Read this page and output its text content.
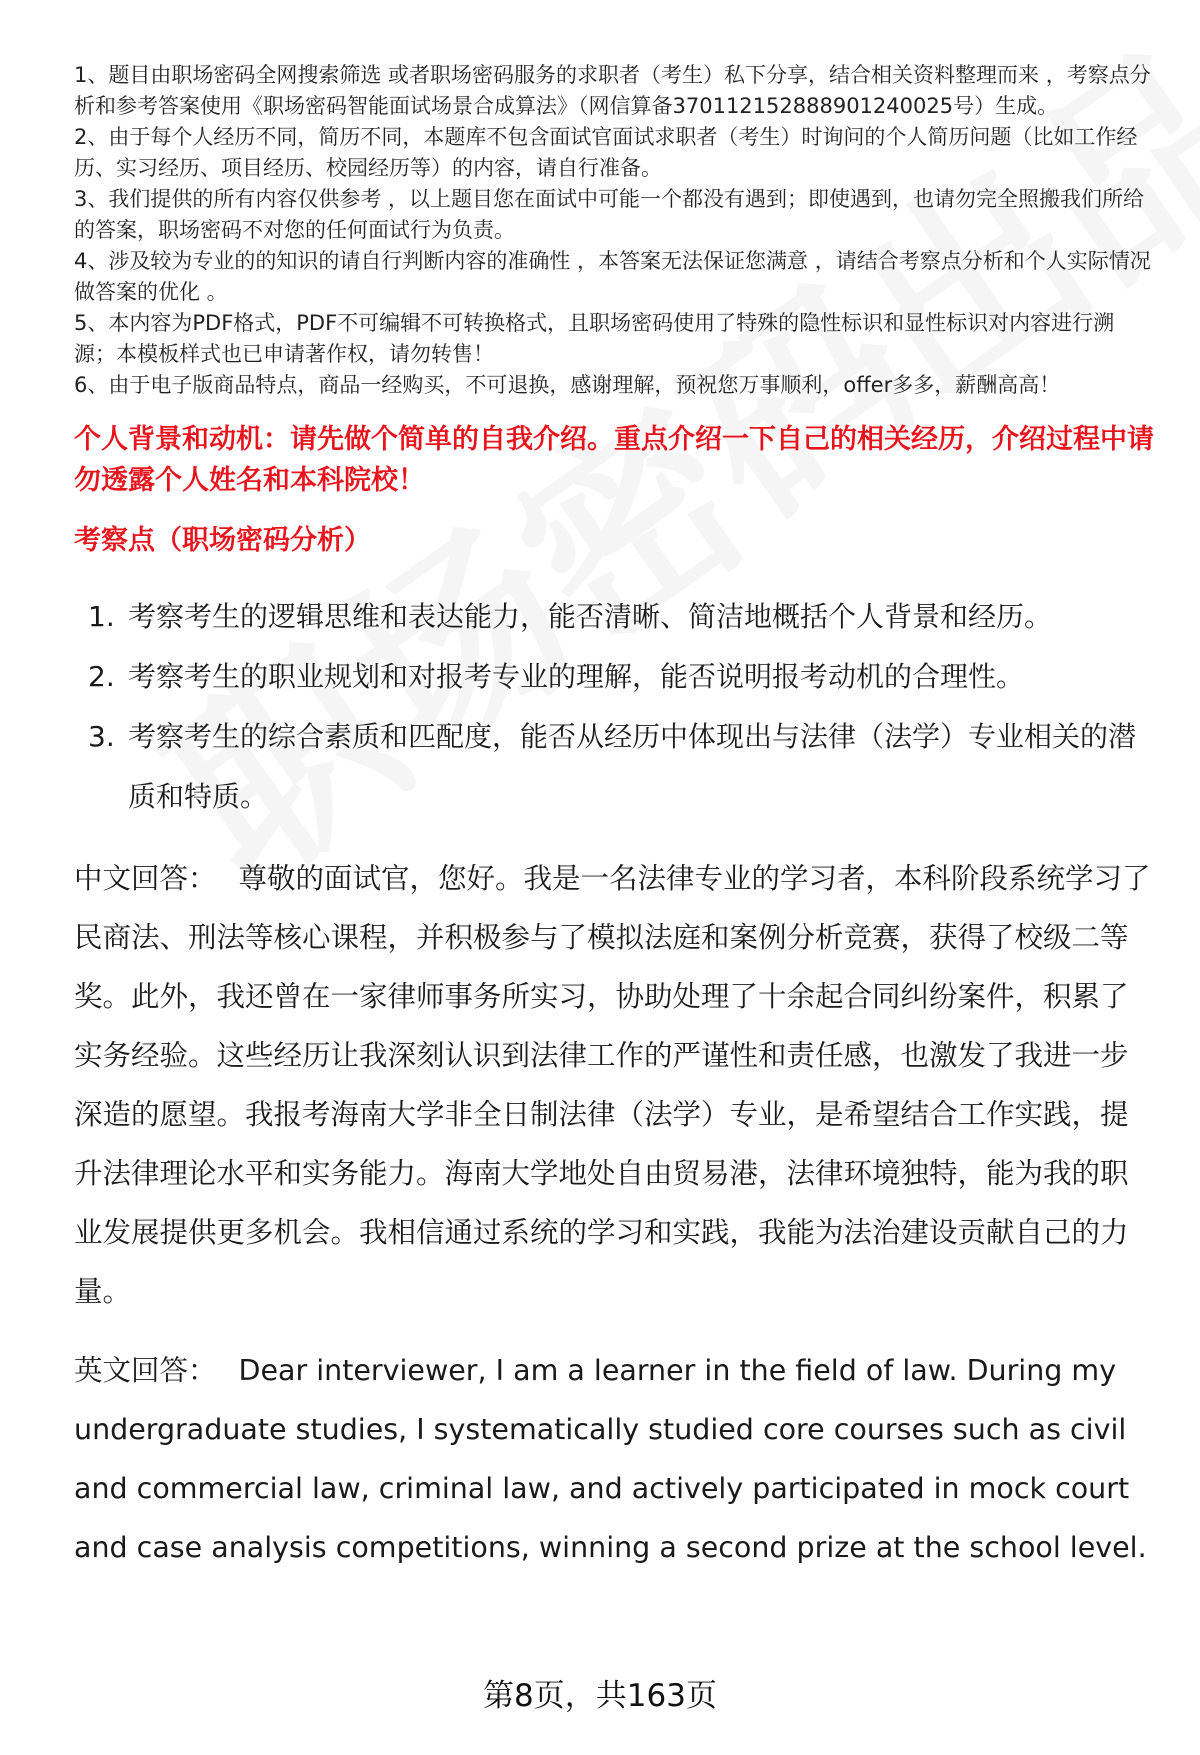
1、题目由职场密码全网搜索筛选 或者职场密码服务的求职者（考生）私下分享，结合相关资料整理而来 ，考察点分析和参考答案使用《职场密码智能面试场景合成算法》（网信算备370112152888901240025号）生成。
2、由于每个人经历不同，简历不同，本题库不包含面试官面试求职者（考生）时询问的个人简历问题（比如工作经历、实习经历、项目经历、校园经历等）的内容，请自行准备。
3、我们提供的所有内容仅供参考 ，以上题目您在面试中可能一个都没有遇到；即使遇到，也请勿完全照搬我们所给的答案，职场密码不对您的任何面试行为负责。
4、涉及较为专业的的知识的请自行判断内容的准确性 ，本答案无法保证您满意 ，请结合考察点分析和个人实际情况做答案的优化 。
5、本内容为PDF格式，PDF不可编辑不可转换格式，且职场密码使用了特殊的隐性标识和显性标识对内容进行溯源；本模板样式也已申请著作权，请勿转售！
6、由于电子版商品特点，商品一经购买，不可退换，感谢理解，预祝您万事顺利，offer多多，薪酬高高！
个人背景和动机：请先做个简单的自我介绍。重点介绍一下自己的相关经历，介绍过程中请勿透露个人姓名和本科院校！
考察点（职场密码分析）
1. 考察考生的逻辑思维和表达能力，能否清晰、简洁地概括个人背景和经历。
2. 考察考生的职业规划和对报考专业的理解，能否说明报考动机的合理性。
3. 考察考生的综合素质和匹配度，能否从经历中体现出与法律（法学）专业相关的潜质和特质。
中文回答： 尊敬的面试官，您好。我是一名法律专业的学习者，本科阶段系统学习了民商法、刑法等核心课程，并积极参与了模拟法庭和案例分析竞赛，获得了校级二等奖。此外，我还曾在一家律师事务所实习，协助处理了十余起合同纠纷案件，积累了实务经验。这些经历让我深刻认识到法律工作的严谨性和责任感，也激发了我进一步深造的愿望。我报考海南大学非全日制法律（法学）专业，是希望结合工作实践，提升法律理论水平和实务能力。海南大学地处自由贸易港，法律环境独特，能为我的职业发展提供更多机会。我相信通过系统的学习和实践，我能为法治建设贡献自己的力量。
英文回答： Dear interviewer, I am a learner in the field of law. During my undergraduate studies, I systematically studied core courses such as civil and commercial law, criminal law, and actively participated in mock court and case analysis competitions, winning a second prize at the school level.
第8页，共163页
